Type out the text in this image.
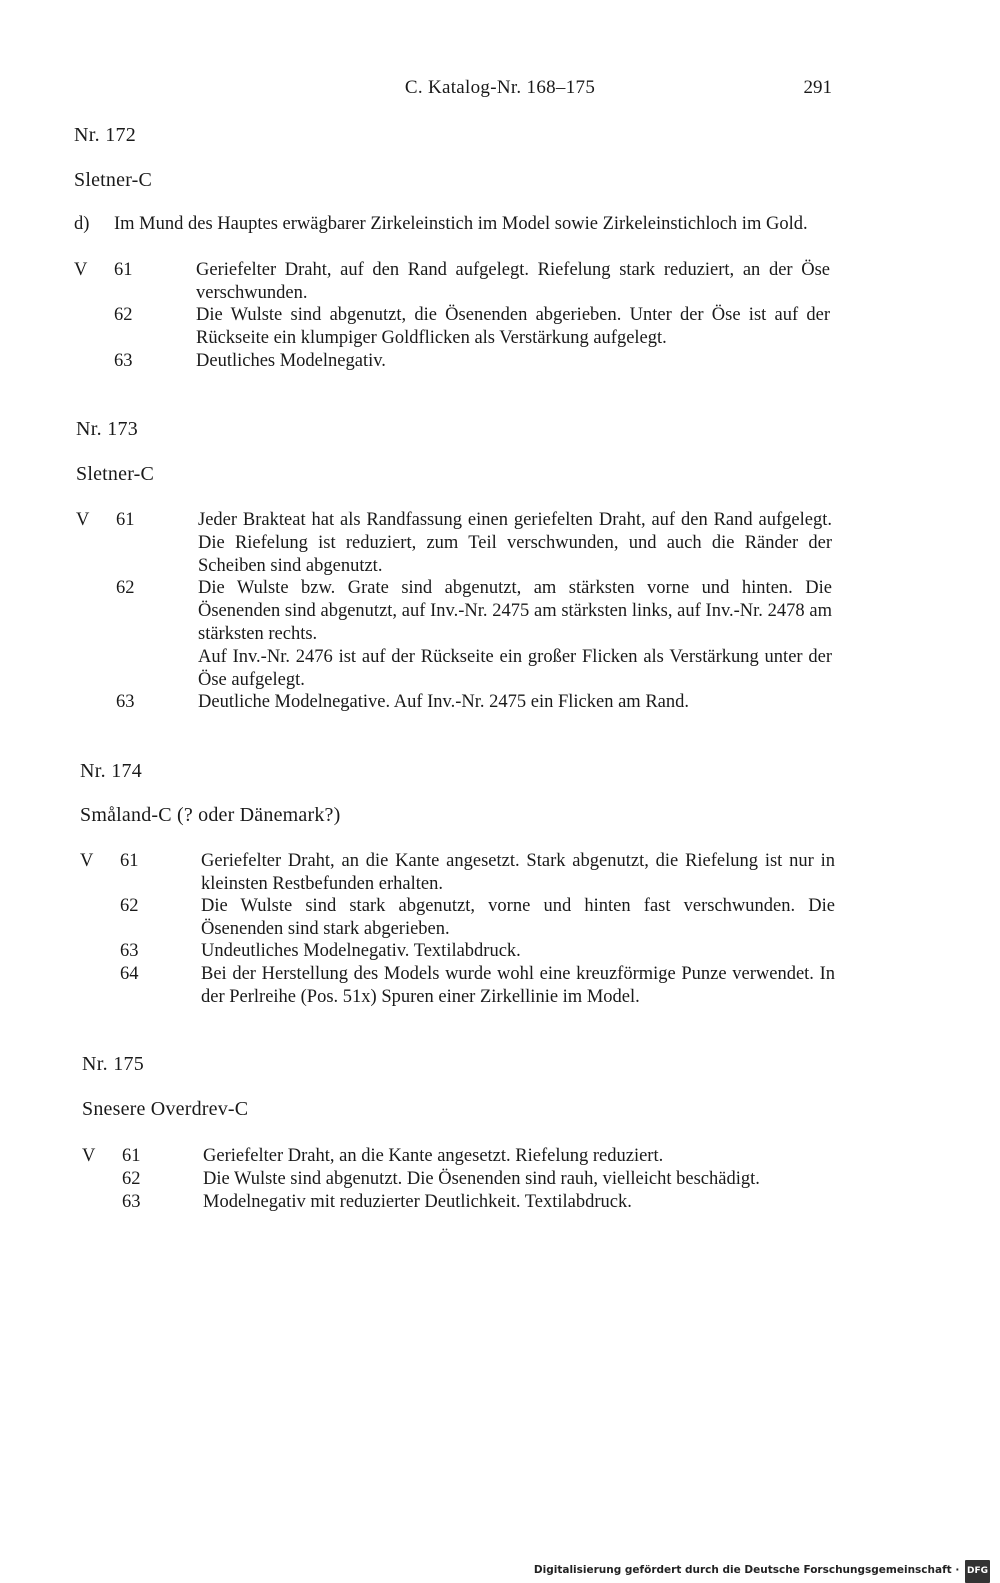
C. Katalog-Nr. 168–175	291
Nr. 172
Sletner-C
d) Im Mund des Hauptes erwägbarer Zirkeleinstich im Model sowie Zirkeleinstichloch im Gold.
V 61	Geriefelter Draht, auf den Rand aufgelegt. Riefelung stark reduziert, an der Öse verschwunden.
62	Die Wulste sind abgenutzt, die Ösenenden abgerieben. Unter der Öse ist auf der Rückseite ein klumpiger Goldflicken als Verstärkung aufgelegt.
63	Deutliches Modelnegativ.
Nr. 173
Sletner-C
V 61	Jeder Brakteat hat als Randfassung einen geriefelten Draht, auf den Rand aufgelegt. Die Riefelung ist reduziert, zum Teil verschwunden, und auch die Ränder der Scheiben sind abgenutzt.
62	Die Wulste bzw. Grate sind abgenutzt, am stärksten vorne und hinten. Die Ösenenden sind abgenutzt, auf Inv.-Nr. 2475 am stärksten links, auf Inv.-Nr. 2478 am stärksten rechts.
Auf Inv.-Nr. 2476 ist auf der Rückseite ein großer Flicken als Verstärkung unter der Öse aufgelegt.
63	Deutliche Modelnegative. Auf Inv.-Nr. 2475 ein Flicken am Rand.
Nr. 174
Småland-C (? oder Dänemark?)
V 61	Geriefelter Draht, an die Kante angesetzt. Stark abgenutzt, die Riefelung ist nur in kleinsten Restbefunden erhalten.
62	Die Wulste sind stark abgenutzt, vorne und hinten fast verschwunden. Die Ösenenden sind stark abgerieben.
63	Undeutliches Modelnegativ. Textilabdruck.
64	Bei der Herstellung des Models wurde wohl eine kreuzförmige Punze verwendet. In der Perlreihe (Pos. 51x) Spuren einer Zirkellinie im Model.
Nr. 175
Snesere Overdrev-C
V 61	Geriefelter Draht, an die Kante angesetzt. Riefelung reduziert.
62	Die Wulste sind abgenutzt. Die Ösenenden sind rauh, vielleicht beschädigt.
63	Modelnegativ mit reduzierter Deutlichkeit. Textilabdruck.
Digitalisierung gefördert durch die Deutsche Forschungsgemeinschaft · DFG
